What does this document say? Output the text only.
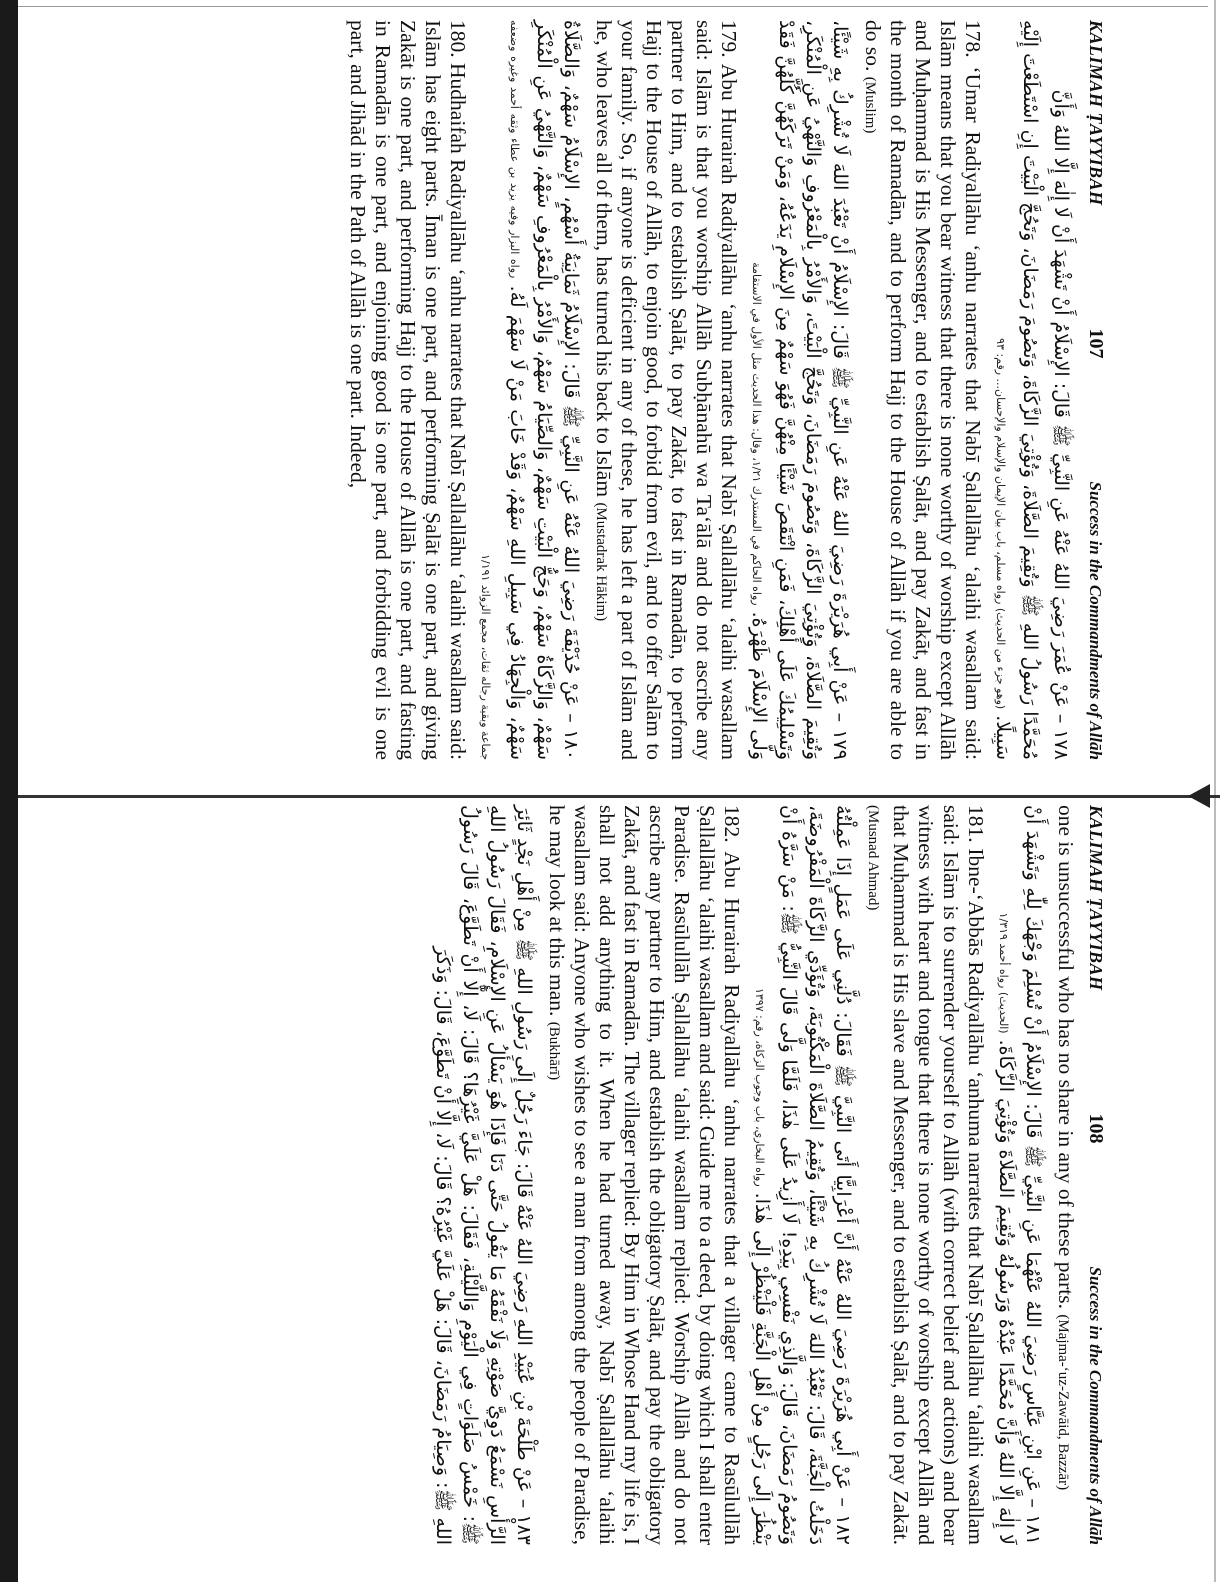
KALIMAH ṬAYYIBAH
107
Success in the Commandments of Allāh
١٧٨ – عَنْ عُمَرَ رَضِيَ اللهُ عَنْهُ عَنِ النَّبِيِّ ﷺ قَالَ: الإِسْلَامُ أَنْ تَشْهَدَ أَنْ لَا إِلٰهَ إِلَّا اللهُ وَأَنَّ
مُحَمَّدًا رَسُولُ اللهِ ﷺ وَتُقِيمَ الصَّلَاةَ، وَتُؤْتِيَ الزَّكَاةَ، وَتَصُومَ رَمَضَانَ، وَتَحُجَّ الْبَيْتَ إِنِ اسْتَطَعْتَ إِلَيْهِ سَبِيلًا. (وهو جزء من الحديث) رواه مسلم، باب بيان الإيمان والإسلام والإحسان... رقم: ٩٣

178. ‘Umar Radiyallāhu ‘anhu narrates that Nabī Ṣallallāhu ‘alaihi wasallam said: Islām means that you bear witness that there is none worthy of worship except Allāh and Muḥammad is His Messenger, and to establish Ṣalāt, and pay Zakāt, and fast in the month of Ramadān, and to perform Hajj to the House of Allāh if you are able to do so. (Muslim)

١٧٩ – عَنْ أَبِي هُرَيْرَةَ رَضِيَ اللهُ عَنْهُ عَنِ النَّبِيِّ ﷺ قَالَ: الإِسْلَامُ أَنْ تَعْبُدَ اللهَ لَا تُشْرِكُ بِهِ شَيْئًا، وَتُقِيمَ الصَّلَاةَ، وَتُؤْتِيَ الزَّكَاةَ، وَتَصُومَ رَمَضَانَ، وَتَحُجَّ الْبَيْتَ، وَالأَمْرُ بِالْمَعْرُوفِ وَالنَّهْيُ عَنِ الْمُنْكَرِ، وَتَسْلِيمُكَ عَلَى أَهْلِكَ، فَمَنِ انْتَقَصَ شَيْئًا مِنْهُنَّ فَهُوَ سَهْمٌ مِنَ الإِسْلَامِ يَدَعُهُ، وَمَنْ تَرَكَهُنَّ كُلَّهُنَّ فَقَدْ وَلَّى الإِسْلَامَ ظَهْرَهُ. رواه الحاكم في المستدرك ١/٢١، وقال: هذا الحديث مثل الأول في الاستقامة

179. Abu Hurairah Radiyallāhu ‘anhu narrates that Nabī Ṣallallāhu ‘alaihi wasallam said: Islām is that you worship Allāh Subḥānahū wa Ta‘ālā and do not ascribe any partner to Him, and to establish Ṣalāt, to pay Zakāt, to fast in Ramadān, to perform Hajj to the House of Allāh, to enjoin good, to forbid from evil, and to offer Salām to your family. So, if anyone is deficient in any of these, he has left a part of Islām and he, who leaves all of them, has turned his back to Islām (Mustadrak Hākim)

١٨٠ – عَنْ حُذَيْفَةَ رَضِيَ اللهُ عَنْهُ عَنِ النَّبِيِّ ﷺ قَالَ: الإِسْلَامُ ثَمَانِيَةُ أَسْهُمٍ، الإِسْلَامُ سَهْمٌ، وَالصَّلَاةُ سَهْمٌ، وَالزَّكَاةُ سَهْمٌ، وَحَجُّ الْبَيْتِ سَهْمٌ، وَالصِّيَامُ سَهْمٌ، وَالأَمْرُ بِالْمَعْرُوفِ سَهْمٌ، وَالنَّهْيُ عَنِ الْمُنْكَرِ سَهْمٌ، وَالْجِهَادُ فِي سَبِيلِ اللهِ سَهْمٌ، وَقَدْ خَابَ مَنْ لَا سَهْمَ لَهُ. رواه البزار وفيه يزيد بن عطاء وثقه أحمد وغيره وضعفه جماعة وبقية رجاله ثقات، مجمع الزوائد ١/١٩١

180. Hudhaifah Radiyallāhu ‘anhu narrates that Nabī Ṣallallāhu ‘alaihi wasallam said: Islām has eight parts. Īman is one part, and performing Ṣalāt is one part, and giving Zakāt is one part, and performing Hajj to the House of Allāh is one part, and fasting in Ramadān is one part, and enjoining good is one part, and forbidding evil is one part, and Jihād in the Path of Allāh is one part. Indeed,

KALIMAH ṬAYYIBAH
108
Success in the Commandments of Allāh

one is unsuccessful who has no share in any of these parts. (Majma-‘uz-Zawāid, Bazzār)

١٨١ – عَنِ ابْنِ عَبَّاسٍ رَضِيَ اللهُ عَنْهُمَا عَنِ النَّبِيِّ ﷺ قَالَ: الإِسْلَامُ أَنْ تُسْلِمَ وَجْهَكَ لِلّٰهِ وَتَشْهَدَ أَنْ لَا إِلٰهَ إِلَّا اللهُ وَأَنَّ مُحَمَّدًا عَبْدُهُ وَرَسُولُهُ وَتُقِيمَ الصَّلَاةَ وَتُؤْتِيَ الزَّكَاةَ. (الحديث) رواه أحمد ١/٣١٩

181. Ibne-‘Abbās Radiyallāhu ‘anhuma narrates that Nabī Ṣallallāhu ‘alaihi wasallam said: Islām is to surrender yourself to Allāh (with correct belief and actions) and bear witness with heart and tongue that there is none worthy of worship except Allāh and that Muḥammad is His slave and Messenger, and to establish Ṣalāt, and to pay Zakāt. (Musnad Ahmad)

١٨٢ – عَنْ أَبِي هُرَيْرَةَ رَضِيَ اللهُ عَنْهُ أَنَّ أَعْرَابِيًّا أَتَى النَّبِيَّ ﷺ فَقَالَ: دُلَّنِي عَلَى عَمَلٍ إِذَا عَمِلْتُهُ دَخَلْتُ الْجَنَّةَ، قَالَ: تَعْبُدُ اللهَ لَا تُشْرِكُ بِهِ شَيْئًا، وَتُقِيمُ الصَّلَاةَ الْمَكْتُوبَةَ، وَتُؤَدِّي الزَّكَاةَ الْمَفْرُوضَةَ، وَتَصُومُ رَمَضَانَ، قَالَ: وَالَّذِي نَفْسِي بِيَدِهِ! لَا أَزِيدُ عَلَى هٰذَا، فَلَمَّا وَلَّى قَالَ النَّبِيُّ ﷺ: مَنْ سَرَّهُ أَنْ يَنْظُرَ إِلَى رَجُلٍ مِنْ أَهْلِ الْجَنَّةِ فَلْيَنْظُرْ إِلَى هٰذَا. رواه البخاري، باب وجوب الزكاة، رقم: ١٣٩٧

182. Abu Hurairah Radiyallāhu ‘anhu narrates that a villager came to Rasūlullāh Ṣallallāhu ‘alaihi wasallam and said: Guide me to a deed, by doing which I shall enter Paradise. Rasūlullāh Ṣallallāhu ‘alaihi wasallam replied: Worship Allāh and do not ascribe any partner to Him, and establish the obligatory Ṣalāt, and pay the obligatory Zakāt, and fast in Ramadān. The villager replied: By Him in Whose Hand my life is, I shall not add anything to it. When he had turned away, Nabī Ṣallallāhu ‘alaihi wasallam said: Anyone who wishes to see a man from among the people of Paradise, he may look at this man. (Bukhārī)

١٨٣ – عَنْ طَلْحَةَ بْنِ عُبَيْدِ اللهِ رَضِيَ اللهُ عَنْهُ قَالَ: جَاءَ رَجُلٌ إِلَى رَسُولِ اللهِ ﷺ مِنْ أَهْلِ نَجْدٍ ثَائِرَ الرَّأْسِ نَسْمَعُ دَوِيَّ صَوْتِهِ وَلَا نَفْقَهُ مَا يَقُولُ حَتَّى دَنَا فَإِذَا هُوَ يَسْأَلُ عَنِ الإِسْلَامِ، فَقَالَ رَسُولُ اللهِ ﷺ: خَمْسُ صَلَوَاتٍ فِي الْيَوْمِ وَاللَّيْلَةِ، فَقَالَ: هَلْ عَلَيَّ غَيْرُهَا؟ قَالَ: لَا، إِلَّا أَنْ تَطَوَّعَ، قَالَ رَسُولُ اللهِ ﷺ: وَصِيَامُ رَمَضَانَ، قَالَ: هَلْ عَلَيَّ غَيْرُهُ؟ قَالَ: لَا، إِلَّا أَنْ تَطَوَّعَ، قَالَ: وَذَكَرَ
